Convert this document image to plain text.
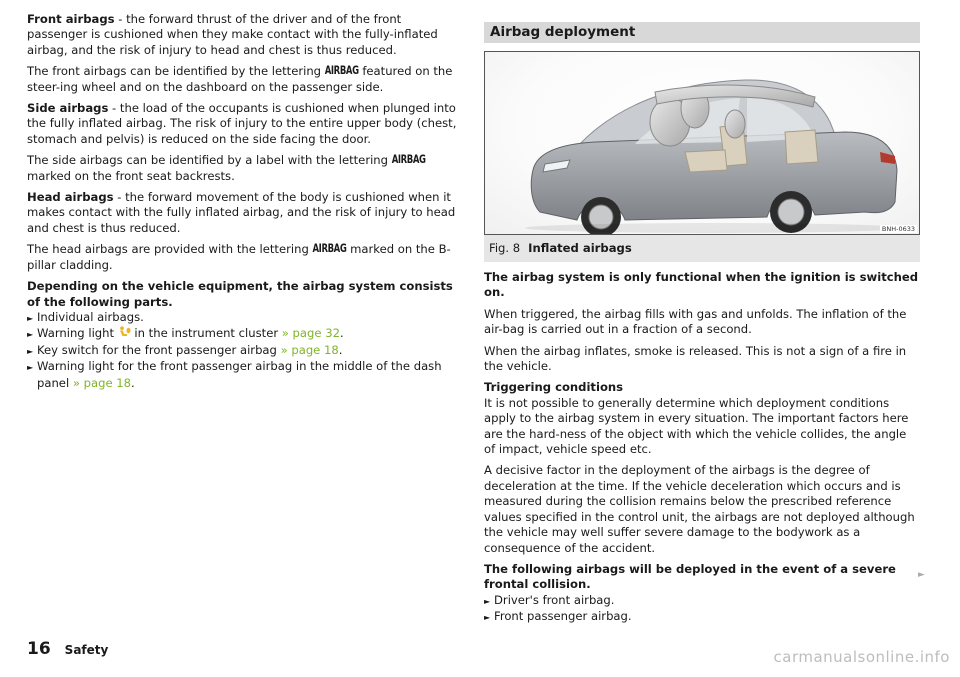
Front airbags - the forward thrust of the driver and of the front passenger is cushioned when they make contact with the fully-inflated airbag, and the risk of injury to head and chest is thus reduced.

The front airbags can be identified by the lettering AIRBAG featured on the steer-ing wheel and on the dashboard on the passenger side.

Side airbags - the load of the occupants is cushioned when plunged into the fully inflated airbag. The risk of injury to the entire upper body (chest, stomach and pelvis) is reduced on the side facing the door.

The side airbags can be identified by a label with the lettering AIRBAG marked on the front seat backrests.

Head airbags - the forward movement of the body is cushioned when it makes contact with the fully inflated airbag, and the risk of injury to head and chest is thus reduced.

The head airbags are provided with the lettering AIRBAG marked on the B-pillar cladding.

Depending on the vehicle equipment, the airbag system consists of the following parts.

► Individual airbags.
► Warning light  in the instrument cluster » page 32.
► Key switch for the front passenger airbag » page 18.
► Warning light for the front passenger airbag in the middle of the dash panel » page 18.
Airbag deployment
BNH-0633
Fig. 8 Inflated airbags

The airbag system is only functional when the ignition is switched on.

When triggered, the airbag fills with gas and unfolds. The inflation of the air-bag is carried out in a fraction of a second.

When the airbag inflates, smoke is released. This is not a sign of a fire in the vehicle.

Triggering conditions
It is not possible to generally determine which deployment conditions apply to the airbag system in every situation. The important factors here are the hard-ness of the object with which the vehicle collides, the angle of impact, vehicle speed etc.

A decisive factor in the deployment of the airbags is the degree of deceleration at the time. If the vehicle deceleration which occurs and is measured during the collision remains below the prescribed reference values specified in the control unit, the airbags are not deployed although the vehicle may well suffer severe damage to the bodywork as a consequence of the accident.

The following airbags will be deployed in the event of a severe frontal collision.

► Driver's front airbag.
► Front passenger airbag.
►
16 Safety	carmanualsonline.info
